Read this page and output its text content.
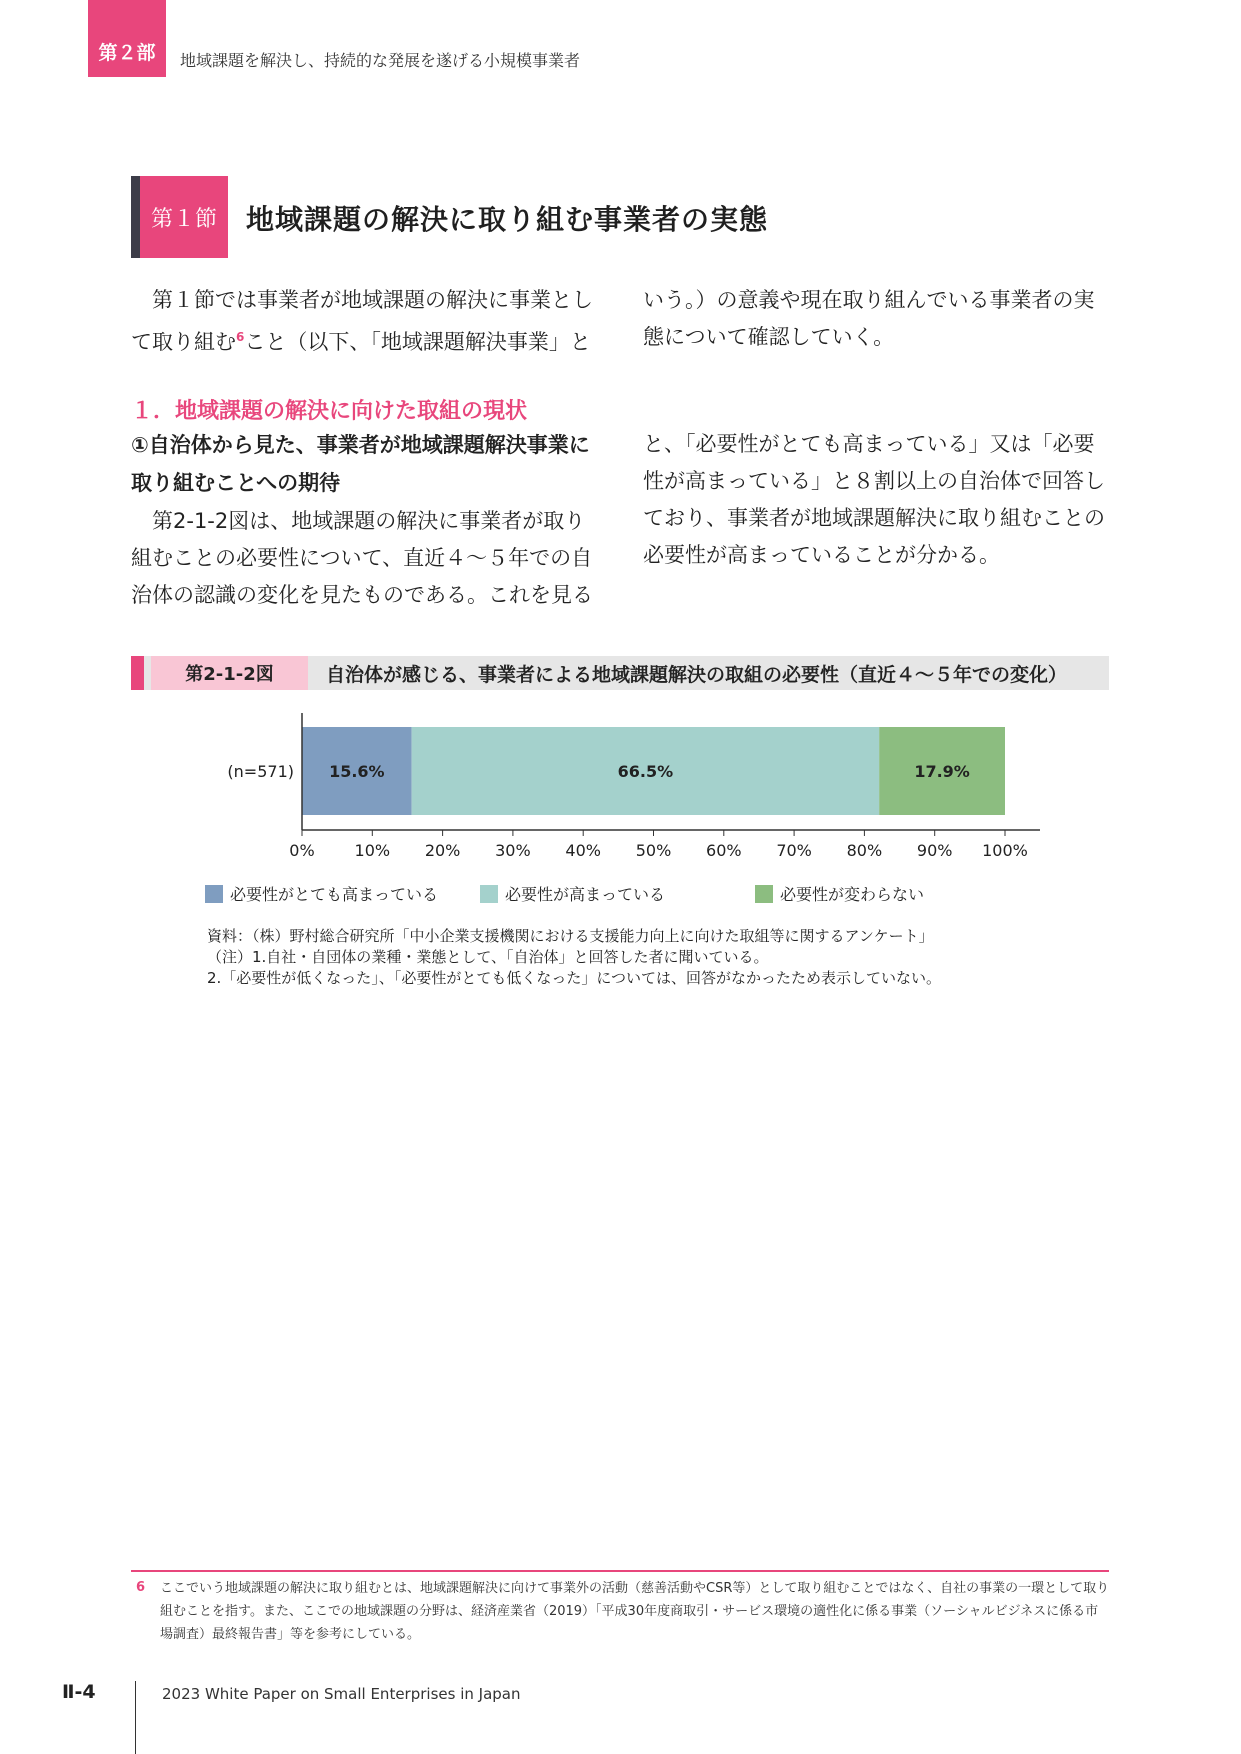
第２部	地域課題を解決し、持続的な発展を遂げる小規模事業者
第１節	地域課題の解決に取り組む事業者の実態
　第１節では事業者が地域課題の解決に事業として取り組む$^6$こと（以下、「地域課題解決事業」と
いう。）の意義や現在取り組んでいる事業者の実態について確認していく。
１．地域課題の解決に向けた取組の現状
①自治体から見た、事業者が地域課題解決事業に取り組むことへの期待
　第2-1-2図は、地域課題の解決に事業者が取り組むことの必要性について、直近４～５年での自治体の認識の変化を見たものである。これを見る
と、「必要性がとても高まっている」又は「必要性が高まっている」と８割以上の自治体で回答しており、事業者が地域課題解決に取り組むことの必要性が高まっていることが分かる。
第2-1-2図	自治体が感じる、事業者による地域課題解決の取組の必要性（直近４～５年での変化）
(n=571) 15.6%	66.5%	17.9%
0% 10% 20% 30% 40% 50% 60% 70% 80% 90% 100%
必要性がとても高まっている	必要性が高まっている	必要性が変わらない
資料：（株）野村総合研究所「中小企業支援機関における支援能力向上に向けた取組等に関するアンケート」
（注）1.自社・自団体の業種・業態として、「自治体」と回答した者に聞いている。
2.「必要性が低くなった」、「必要性がとても低くなった」については、回答がなかったため表示していない。
6 ここでいう地域課題の解決に取り組むとは、地域課題解決に向けて事業外の活動（慈善活動やCSR等）として取り組むことではなく、自社の事業の一環として取り組むことを指す。また、ここでの地域課題の分野は、経済産業省（2019）「平成30年度商取引・サービス環境の適性化に係る事業（ソーシャルビジネスに係る市場調査）最終報告書」等を参考にしている。
Ⅱ-4	2023 White Paper on Small Enterprises in Japan
